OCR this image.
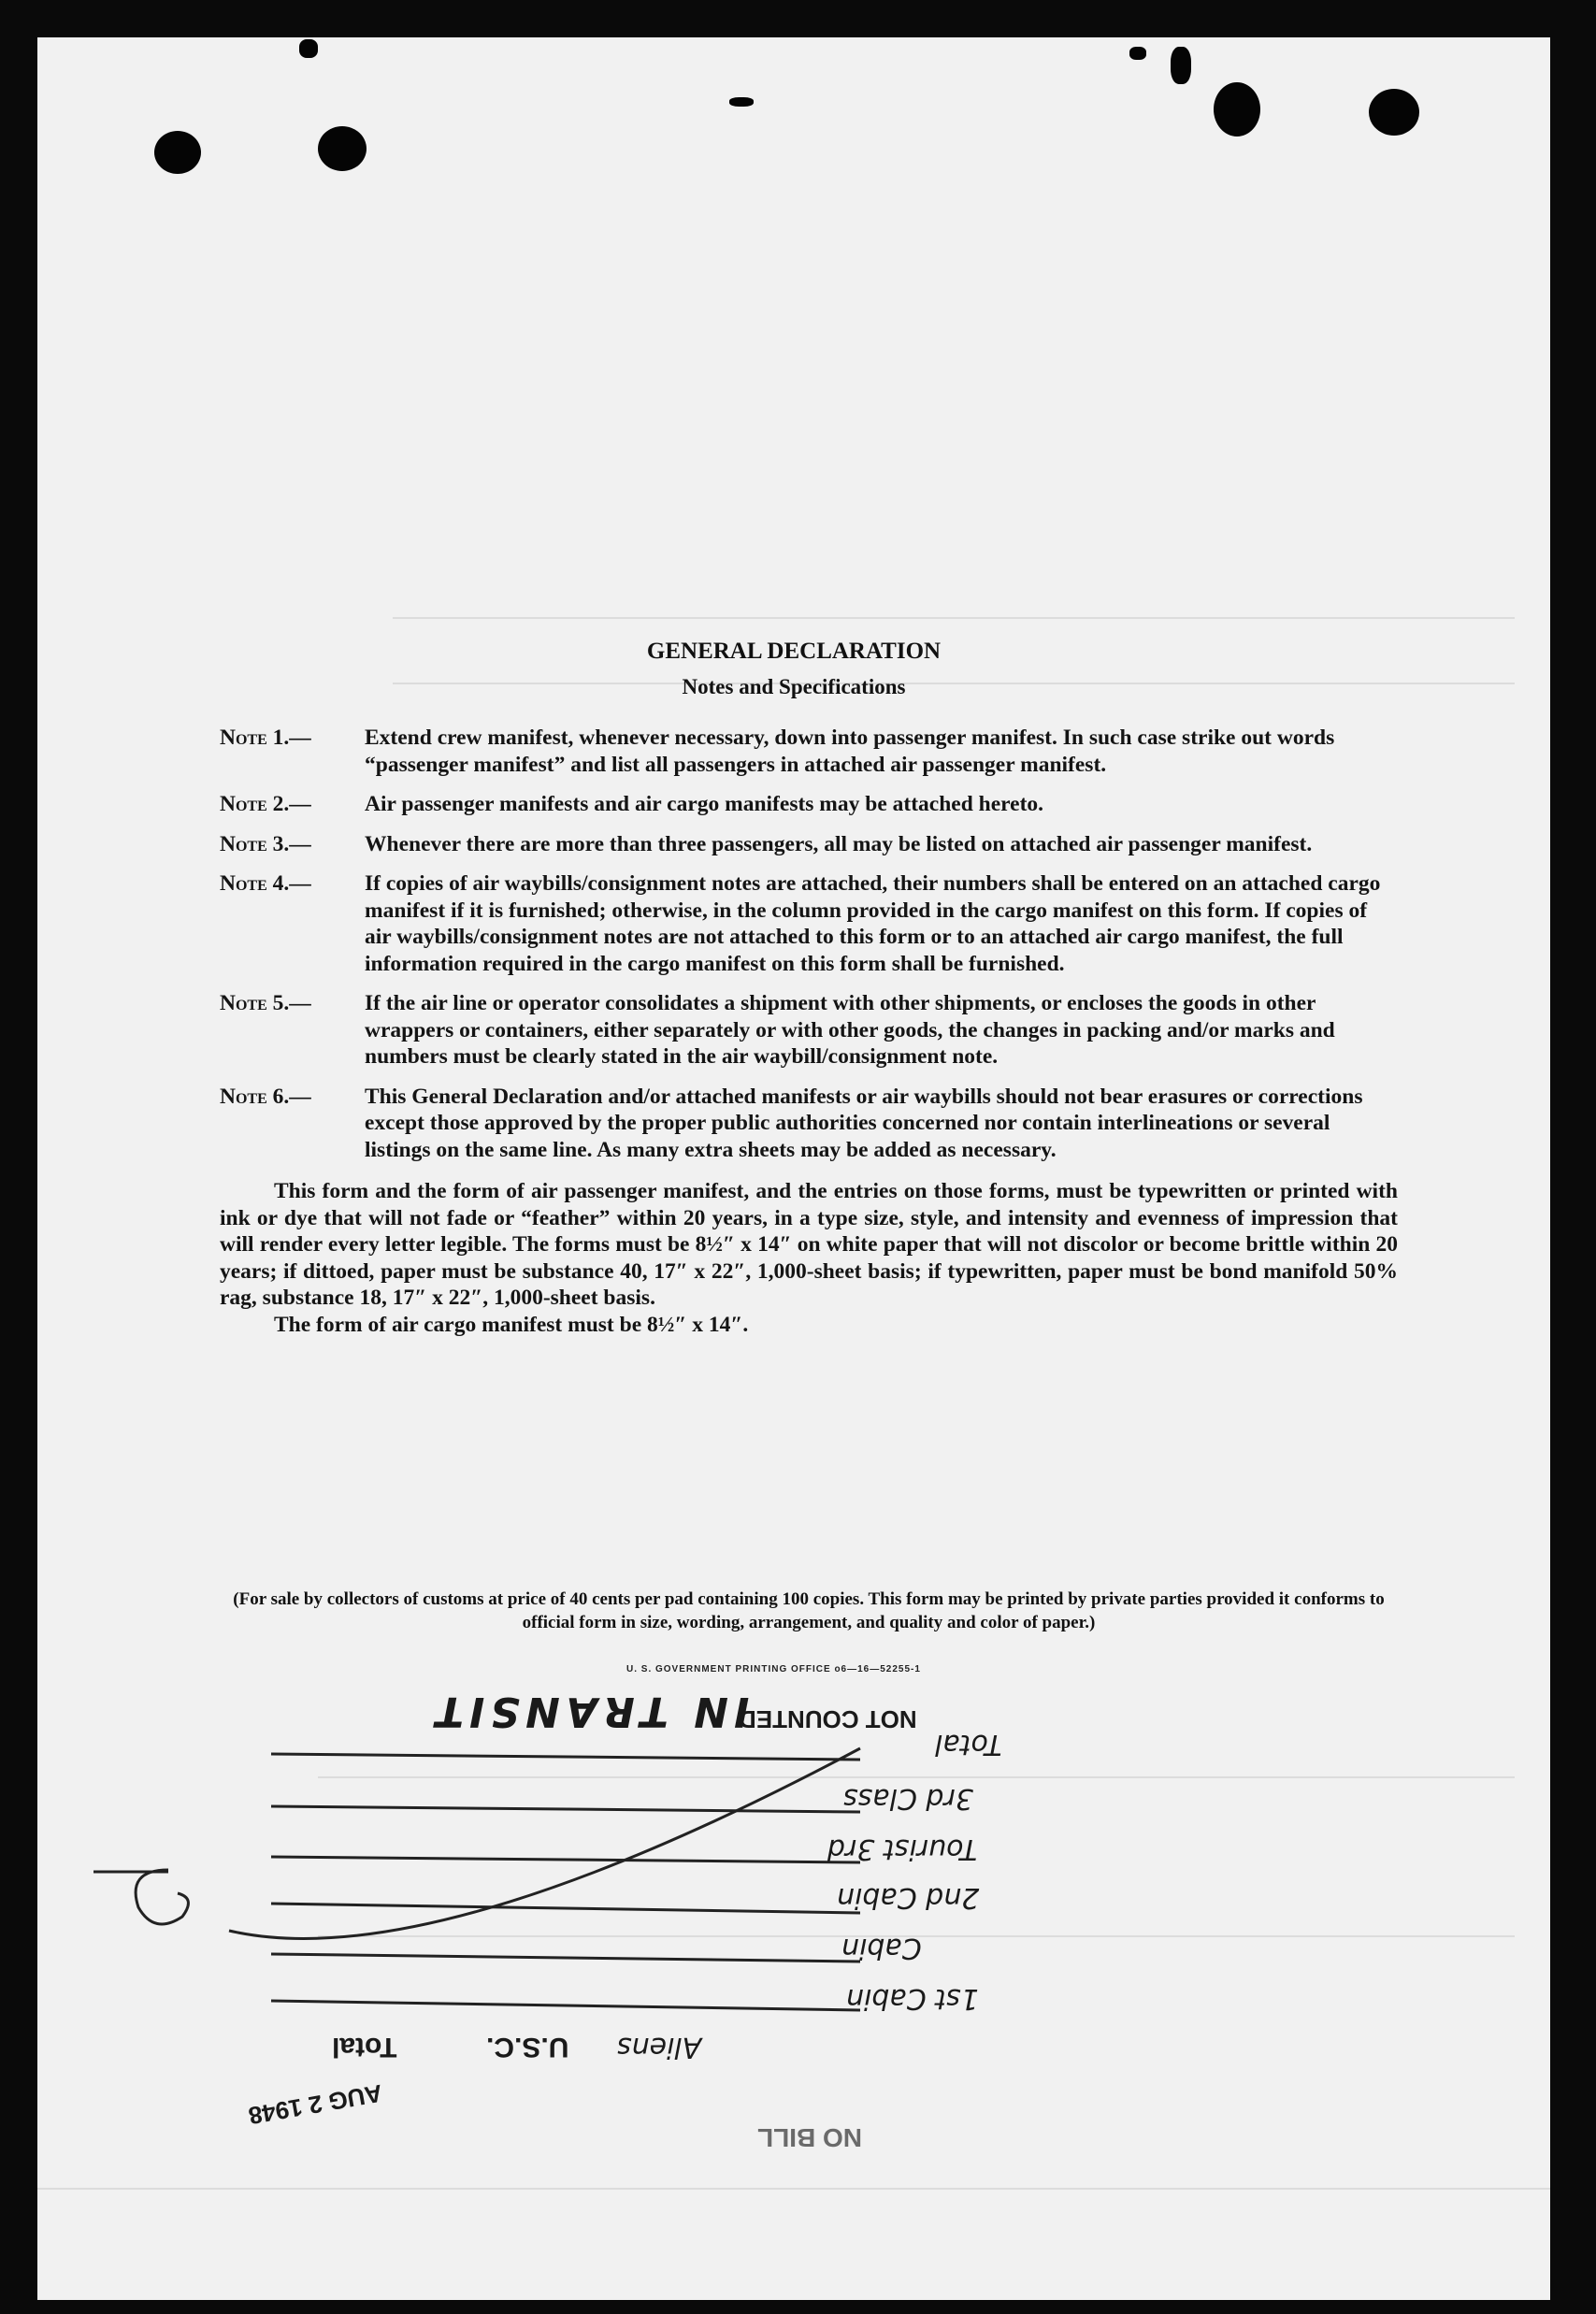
GENERAL DECLARATION
Notes and Specifications
Note 1.—	Extend crew manifest, whenever necessary, down into passenger manifest. In such case strike out words “passenger manifest” and list all passengers in attached air passenger manifest.
Note 2.—	Air passenger manifests and air cargo manifests may be attached hereto.
Note 3.—	Whenever there are more than three passengers, all may be listed on attached air passenger manifest.
Note 4.—	If copies of air waybills/consignment notes are attached, their numbers shall be entered on an attached cargo manifest if it is furnished; otherwise, in the column provided in the cargo manifest on this form. If copies of air waybills/consignment notes are not attached to this form or to an attached air cargo manifest, the full information required in the cargo manifest on this form shall be furnished.
Note 5.—	If the air line or operator consolidates a shipment with other shipments, or encloses the goods in other wrappers or containers, either separately or with other goods, the changes in packing and/or marks and numbers must be clearly stated in the air waybill/consignment note.
Note 6.—	This General Declaration and/or attached manifests or air waybills should not bear erasures or corrections except those approved by the proper public authorities concerned nor contain interlineations or several listings on the same line. As many extra sheets may be added as necessary.
This form and the form of air passenger manifest, and the entries on those forms, must be typewritten or printed with ink or dye that will not fade or “feather” within 20 years, in a type size, style, and intensity and evenness of impression that will render every letter legible. The forms must be 8½″ x 14″ on white paper that will not discolor or become brittle within 20 years; if dittoed, paper must be substance 40, 17″ x 22″, 1,000-sheet basis; if typewritten, paper must be bond manifold 50% rag, substance 18, 17″ x 22″, 1,000-sheet basis.
The form of air cargo manifest must be 8½″ x 14″.
(For sale by collectors of customs at price of 40 cents per pad containing 100 copies. This form may be printed by private parties provided it conforms to official form in size, wording, arrangement, and quality and color of paper.)
U. S. GOVERNMENT PRINTING OFFICE o6—16—52255-1
IN TRANSIT
NOT COUNTED
Total
3rd Class
Tourist 3rd
2nd Cabin
Cabin
1st Cabin
Aliens
U.S.C.
Total
AUG 2 1948
NO BILL
